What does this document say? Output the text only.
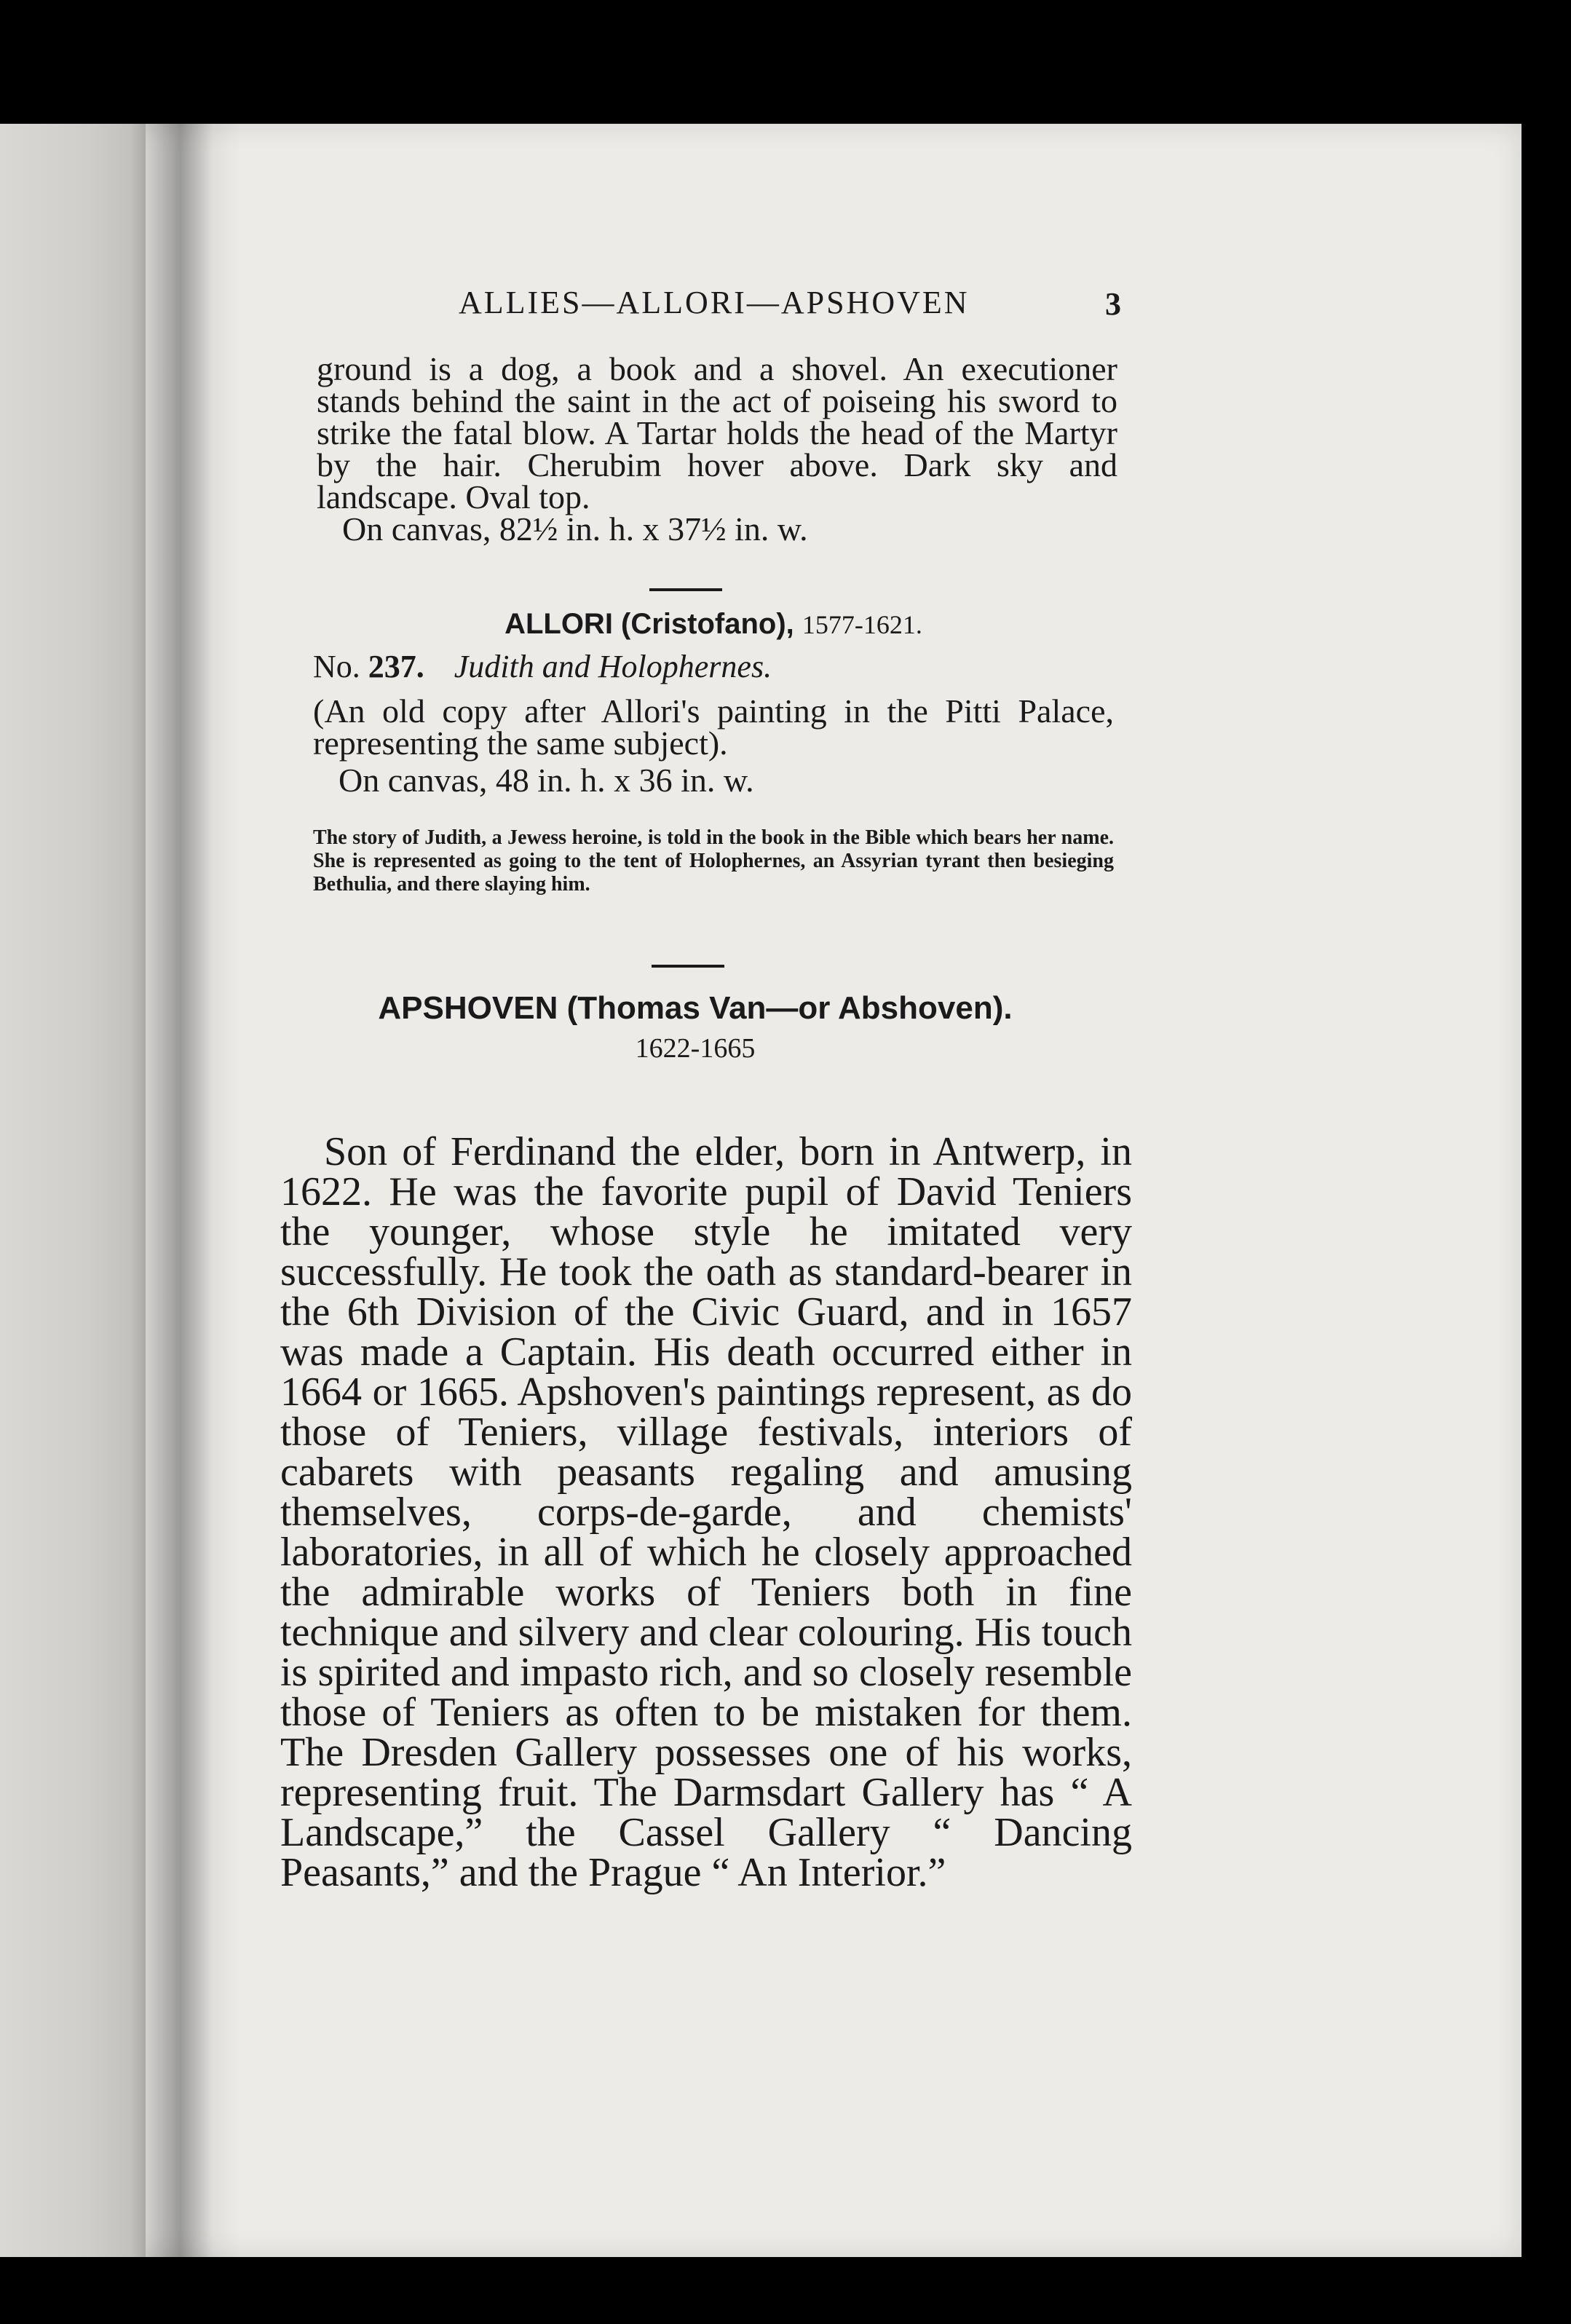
ALLIES—ALLORI—APSHOVEN	3
ground is a dog, a book and a shovel. An executioner stands behind the saint in the act of poiseing his sword to strike the fatal blow. A Tartar holds the head of the Martyr by the hair. Cherubim hover above. Dark sky and landscape. Oval top.
On canvas, 82½ in. h. x 37½ in. w.
ALLORI (Cristofano), 1577-1621.
No. 237. Judith and Holophernes.
(An old copy after Allori's painting in the Pitti Palace, representing the same subject).
On canvas, 48 in. h. x 36 in. w.
The story of Judith, a Jewess heroine, is told in the book in the Bible which bears her name. She is represented as going to the tent of Holophernes, an Assyrian tyrant then besieging Bethulia, and there slaying him.
APSHOVEN (Thomas Van—or Abshoven).
1622-1665

Son of Ferdinand the elder, born in Antwerp, in 1622. He was the favorite pupil of David Teniers the younger, whose style he imitated very successfully. He took the oath as standard-bearer in the 6th Division of the Civic Guard, and in 1657 was made a Captain. His death occurred either in 1664 or 1665. Apshoven's paintings represent, as do those of Teniers, village festivals, interiors of cabarets with peasants regaling and amusing themselves, corps-de-garde, and chemists' laboratories, in all of which he closely approached the admirable works of Teniers both in fine technique and silvery and clear colouring. His touch is spirited and impasto rich, and so closely resemble those of Teniers as often to be mistaken for them. The Dresden Gallery possesses one of his works, representing fruit. The Darmsdart Gallery has “ A Landscape,” the Cassel Gallery “ Dancing Peasants,” and the Prague “ An Interior.”
